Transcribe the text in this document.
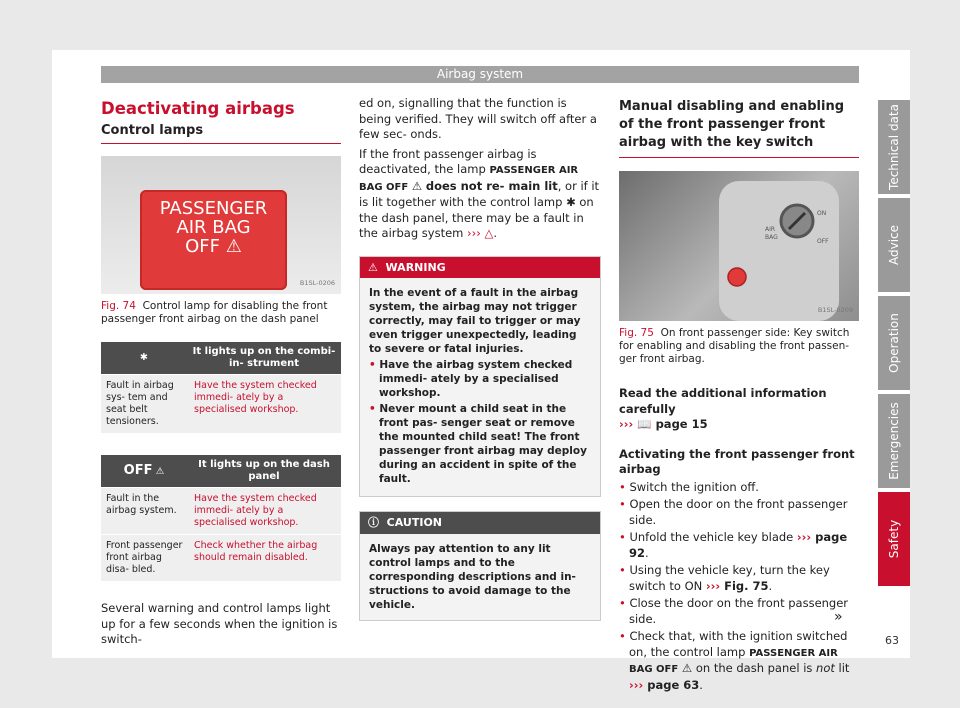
Airbag system
Deactivating airbags
Control lamps
PASSENGER
AIR BAG
OFF ⚠
B1SL-0206
Fig. 74 Control lamp for disabling the front passenger front airbag on the dash panel
✱
It lights up on the combi-in- strument
Fault in airbag sys- tem and seat belt tensioners.
Have the system checked immedi- ately by a specialised workshop.
OFF ⚠
It lights up on the dash panel
Fault in the airbag system.
Have the system checked immedi- ately by a specialised workshop.
Front passenger front airbag disa- bled.
Check whether the airbag should remain disabled.
Several warning and control lamps light up for a few seconds when the ignition is switch-
ed on, signalling that the function is being verified. They will switch off after a few sec- onds.
If the front passenger airbag is deactivated, the lamp PASSENGER AIR BAG OFF ⚠ does not re- main lit, or if it is lit together with the control lamp ✱ on the dash panel, there may be a fault in the airbag system ››› △.
⚠ WARNING
In the event of a fault in the airbag system, the airbag may not trigger correctly, may fail to trigger or may even trigger unexpectedly, leading to severe or fatal injuries.
• Have the airbag system checked immedi- ately by a specialised workshop.
• Never mount a child seat in the front pas- senger seat or remove the mounted child seat! The front passenger front airbag may deploy during an accident in spite of the fault.
ⓘ CAUTION
Always pay attention to any lit control lamps and to the corresponding descriptions and in- structions to avoid damage to the vehicle.
Manual disabling and enabling of the front passenger front airbag with the key switch
AIR
BAG
ON
OFF
B1SL-0209
Fig. 75 On front passenger side: Key switch for enabling and disabling the front passen- ger front airbag.
Read the additional information carefully
››› 📖 page 15
Activating the front passenger front airbag
• Switch the ignition off.
• Open the door on the front passenger side.
• Unfold the vehicle key blade ››› page 92.
• Using the vehicle key, turn the key switch to ON ››› Fig. 75.
• Close the door on the front passenger side.
• Check that, with the ignition switched on, the control lamp PASSENGER AIR BAG OFF ⚠ on the dash panel is not lit ››› page 63.
»
Technical data
Advice
Operation
Emergencies
Safety
63
